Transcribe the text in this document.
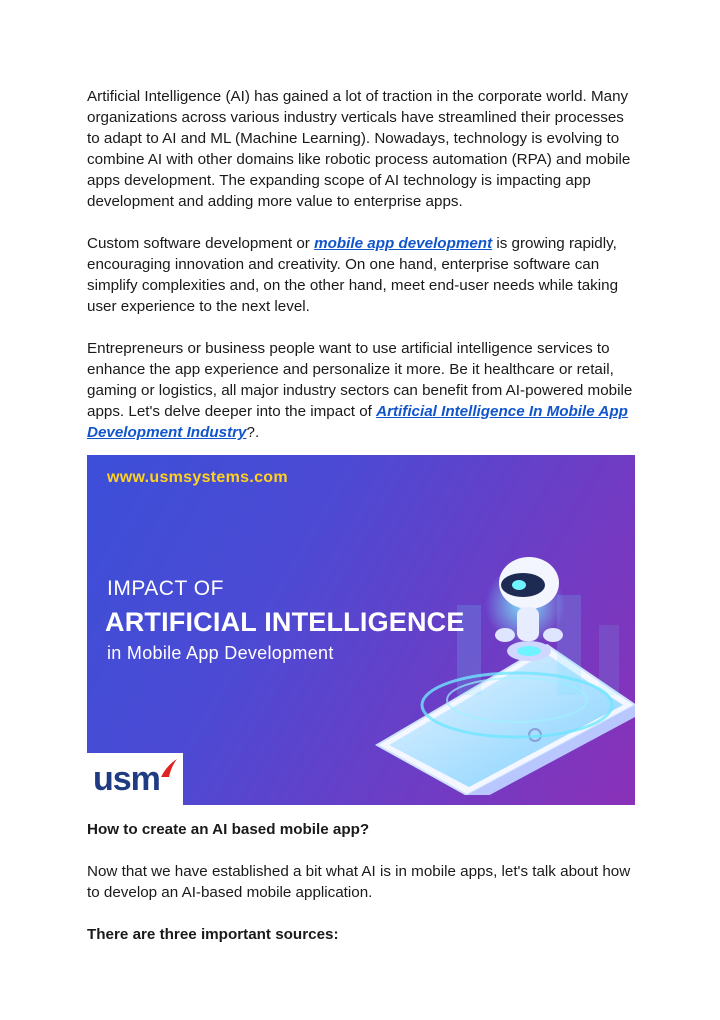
Artificial Intelligence (AI) has gained a lot of traction in the corporate world. Many organizations across various industry verticals have streamlined their processes to adapt to AI and ML (Machine Learning). Nowadays, technology is evolving to combine AI with other domains like robotic process automation (RPA) and mobile apps development. The expanding scope of AI technology is impacting app development and adding more value to enterprise apps.

Custom software development or mobile app development is growing rapidly, encouraging innovation and creativity. On one hand, enterprise software can simplify complexities and, on the other hand, meet end-user needs while taking user experience to the next level.

Entrepreneurs or business people want to use artificial intelligence services to enhance the app experience and personalize it more. Be it healthcare or retail, gaming or logistics, all major industry sectors can benefit from AI-powered mobile apps. Let's delve deeper into the impact of Artificial Intelligence In Mobile App Development Industry?.

www.usmsystems.com
IMPACT OF
ARTIFICIAL INTELLIGENCE
in Mobile App Development
usm

How to create an AI based mobile app?

Now that we have established a bit what AI is in mobile apps, let's talk about how to develop an AI-based mobile application.

There are three important sources:
